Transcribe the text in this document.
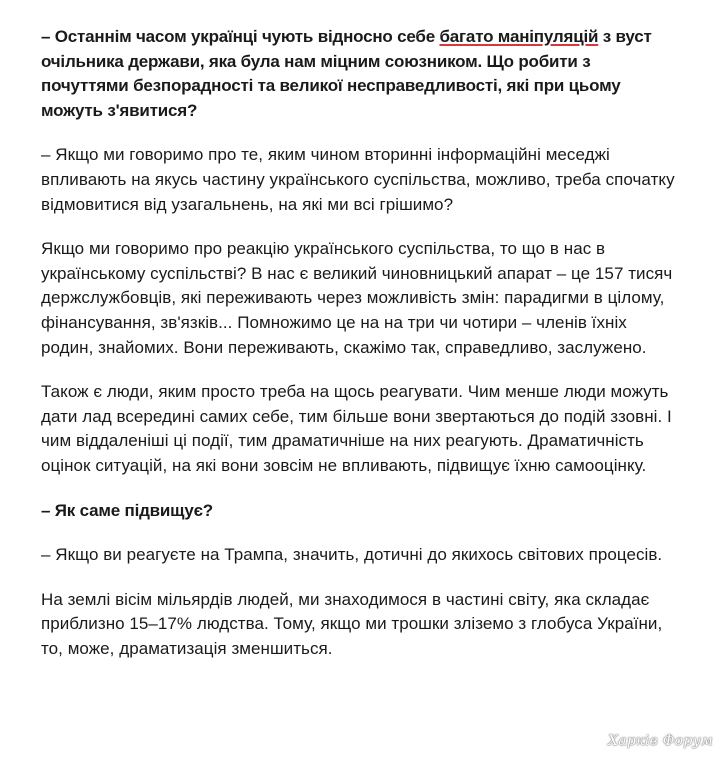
– Останнім часом українці чують відносно себе багато маніпуляцій з вуст очільника держави, яка була нам міцним союзником. Що робити з почуттями безпорадності та великої несправедливості, які при цьому можуть з'явитися?

– Якщо ми говоримо про те, яким чином вторинні інформаційні меседжі впливають на якусь частину українського суспільства, можливо, треба спочатку відмовитися від узагальнень, на які ми всі грішимо?

Якщо ми говоримо про реакцію українського суспільства, то що в нас в українському суспільстві? В нас є великий чиновницький апарат – це 157 тисяч держслужбовців, які переживають через можливість змін: парадигми в цілому, фінансування, зв'язків... Помножимо це на на три чи чотири – членів їхніх родин, знайомих. Вони переживають, скажімо так, справедливо, заслужено.

Також є люди, яким просто треба на щось реагувати. Чим менше люди можуть дати лад всередині самих себе, тим більше вони звертаються до подій ззовні. І чим віддаленіші ці події, тим драматичніше на них реагують. Драматичність оцінок ситуацій, на які вони зовсім не впливають, підвищує їхню самооцінку.

– Як саме підвищує?

– Якщо ви реагуєте на Трампа, значить, дотичні до якихось світових процесів.

На землі вісім мільярдів людей, ми знаходимося в частині світу, яка складає приблизно 15–17% людства. Тому, якщо ми трошки зліземо з глобуса України, то, може, драматизація зменшиться.

Харків Форум
